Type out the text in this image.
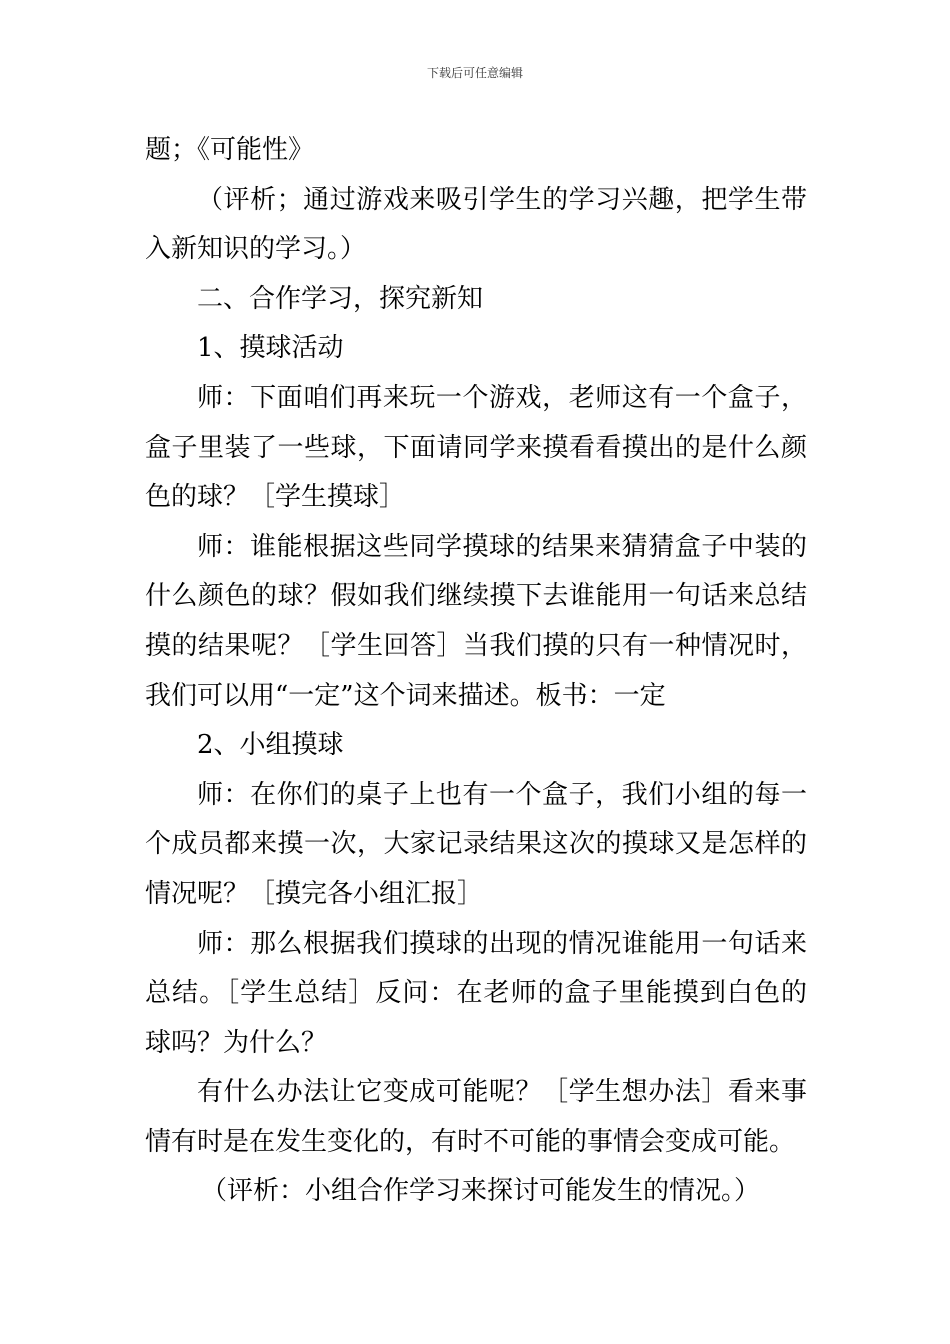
下载后可任意编辑
题；《可能性》
（评析；通过游戏来吸引学生的学习兴趣，把学生带
入新知识的学习。）
二、合作学习，探究新知
1、摸球活动
师：下面咱们再来玩一个游戏，老师这有一个盒子，
盒子里装了一些球，下面请同学来摸看看摸出的是什么颜
色的球？［学生摸球］
师：谁能根据这些同学摸球的结果来猜猜盒子中装的
什么颜色的球？假如我们继续摸下去谁能用一句话来总结
摸的结果呢？［学生回答］当我们摸的只有一种情况时，
我们可以用“一定”这个词来描述。板书：一定
2、小组摸球
师：在你们的桌子上也有一个盒子，我们小组的每一
个成员都来摸一次，大家记录结果这次的摸球又是怎样的
情况呢？［摸完各小组汇报］
师：那么根据我们摸球的出现的情况谁能用一句话来
总结。［学生总结］反问：在老师的盒子里能摸到白色的
球吗？为什么？
有什么办法让它变成可能呢？［学生想办法］看来事
情有时是在发生变化的，有时不可能的事情会变成可能。
（评析：小组合作学习来探讨可能发生的情况。）
